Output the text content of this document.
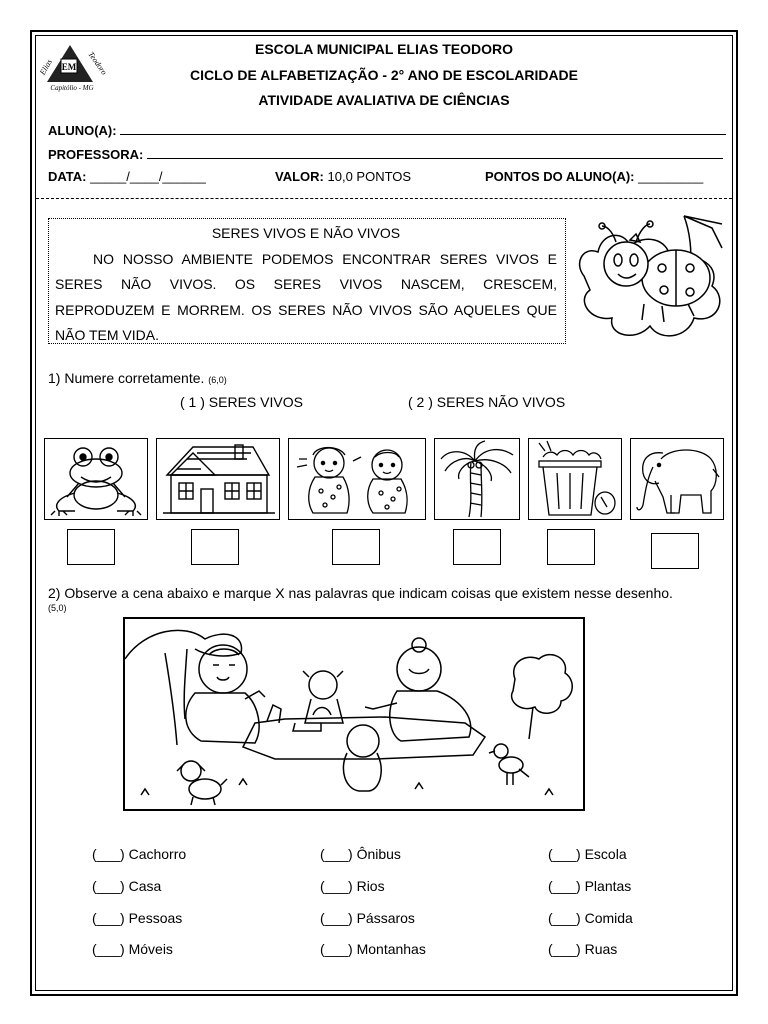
EM
Elias	Teodoro
Capitólio - MG
ESCOLA MUNICIPAL ELIAS TEODORO
CICLO DE ALFABETIZAÇÃO - 2° ANO DE ESCOLARIDADE
ATIVIDADE AVALIATIVA DE CIÊNCIAS
ALUNO(A):
PROFESSORA:
DATA: _____/____/______	VALOR: 10,0 PONTOS	PONTOS DO ALUNO(A): _________
SERES VIVOS E NÃO VIVOS

NO NOSSO AMBIENTE PODEMOS ENCONTRAR SERES VIVOS E SERES NÃO VIVOS. OS SERES VIVOS NASCEM, CRESCEM, REPRODUZEM E MORREM. OS SERES NÃO VIVOS SÃO AQUELES QUE NÃO TEM VIDA.

1) Numere corretamente. (6,0)
( 1 ) SERES VIVOS	( 2 ) SERES NÃO VIVOS
2) Observe a cena abaixo e marque X nas palavras que indicam coisas que existem nesse desenho.
(5,0)
(___) Cachorro	(___) Ônibus	(___) Escola
(___) Casa	(___) Rios	(___) Plantas
(___) Pessoas	(___) Pássaros	(___) Comida
(___) Móveis	(___) Montanhas	(___) Ruas
